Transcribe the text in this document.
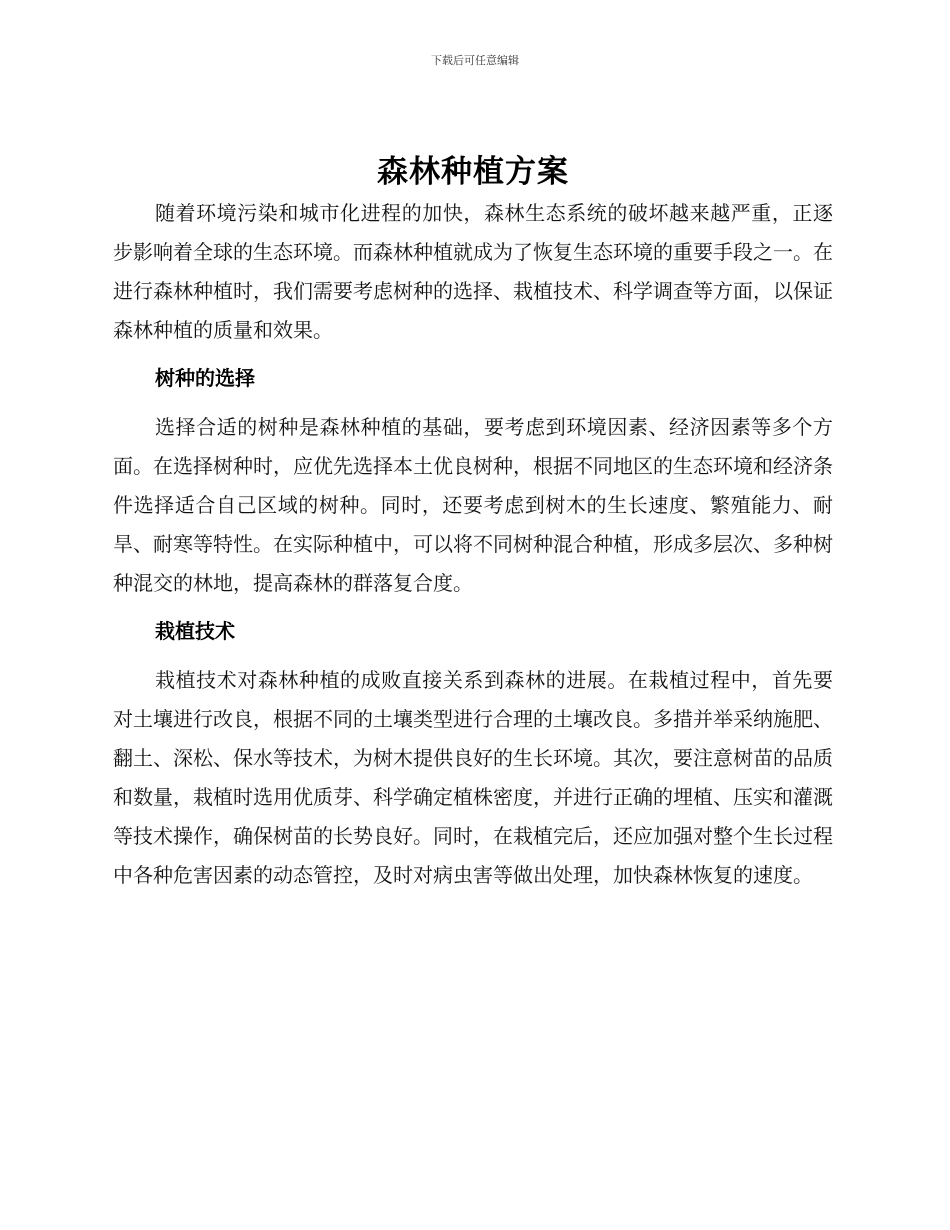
下载后可任意编辑
森林种植方案

随着环境污染和城市化进程的加快，森林生态系统的破坏越来越严重，正逐步影响着全球的生态环境。而森林种植就成为了恢复生态环境的重要手段之一。在进行森林种植时，我们需要考虑树种的选择、栽植技术、科学调查等方面，以保证森林种植的质量和效果。

树种的选择

选择合适的树种是森林种植的基础，要考虑到环境因素、经济因素等多个方面。在选择树种时，应优先选择本土优良树种，根据不同地区的生态环境和经济条件选择适合自己区域的树种。同时，还要考虑到树木的生长速度、繁殖能力、耐旱、耐寒等特性。在实际种植中，可以将不同树种混合种植，形成多层次、多种树种混交的林地，提高森林的群落复合度。

栽植技术

栽植技术对森林种植的成败直接关系到森林的进展。在栽植过程中，首先要对土壤进行改良，根据不同的土壤类型进行合理的土壤改良。多措并举采纳施肥、翻土、深松、保水等技术，为树木提供良好的生长环境。其次，要注意树苗的品质和数量，栽植时选用优质芽、科学确定植株密度，并进行正确的埋植、压实和灌溉等技术操作，确保树苗的长势良好。同时，在栽植完后，还应加强对整个生长过程中各种危害因素的动态管控，及时对病虫害等做出处理，加快森林恢复的速度。
